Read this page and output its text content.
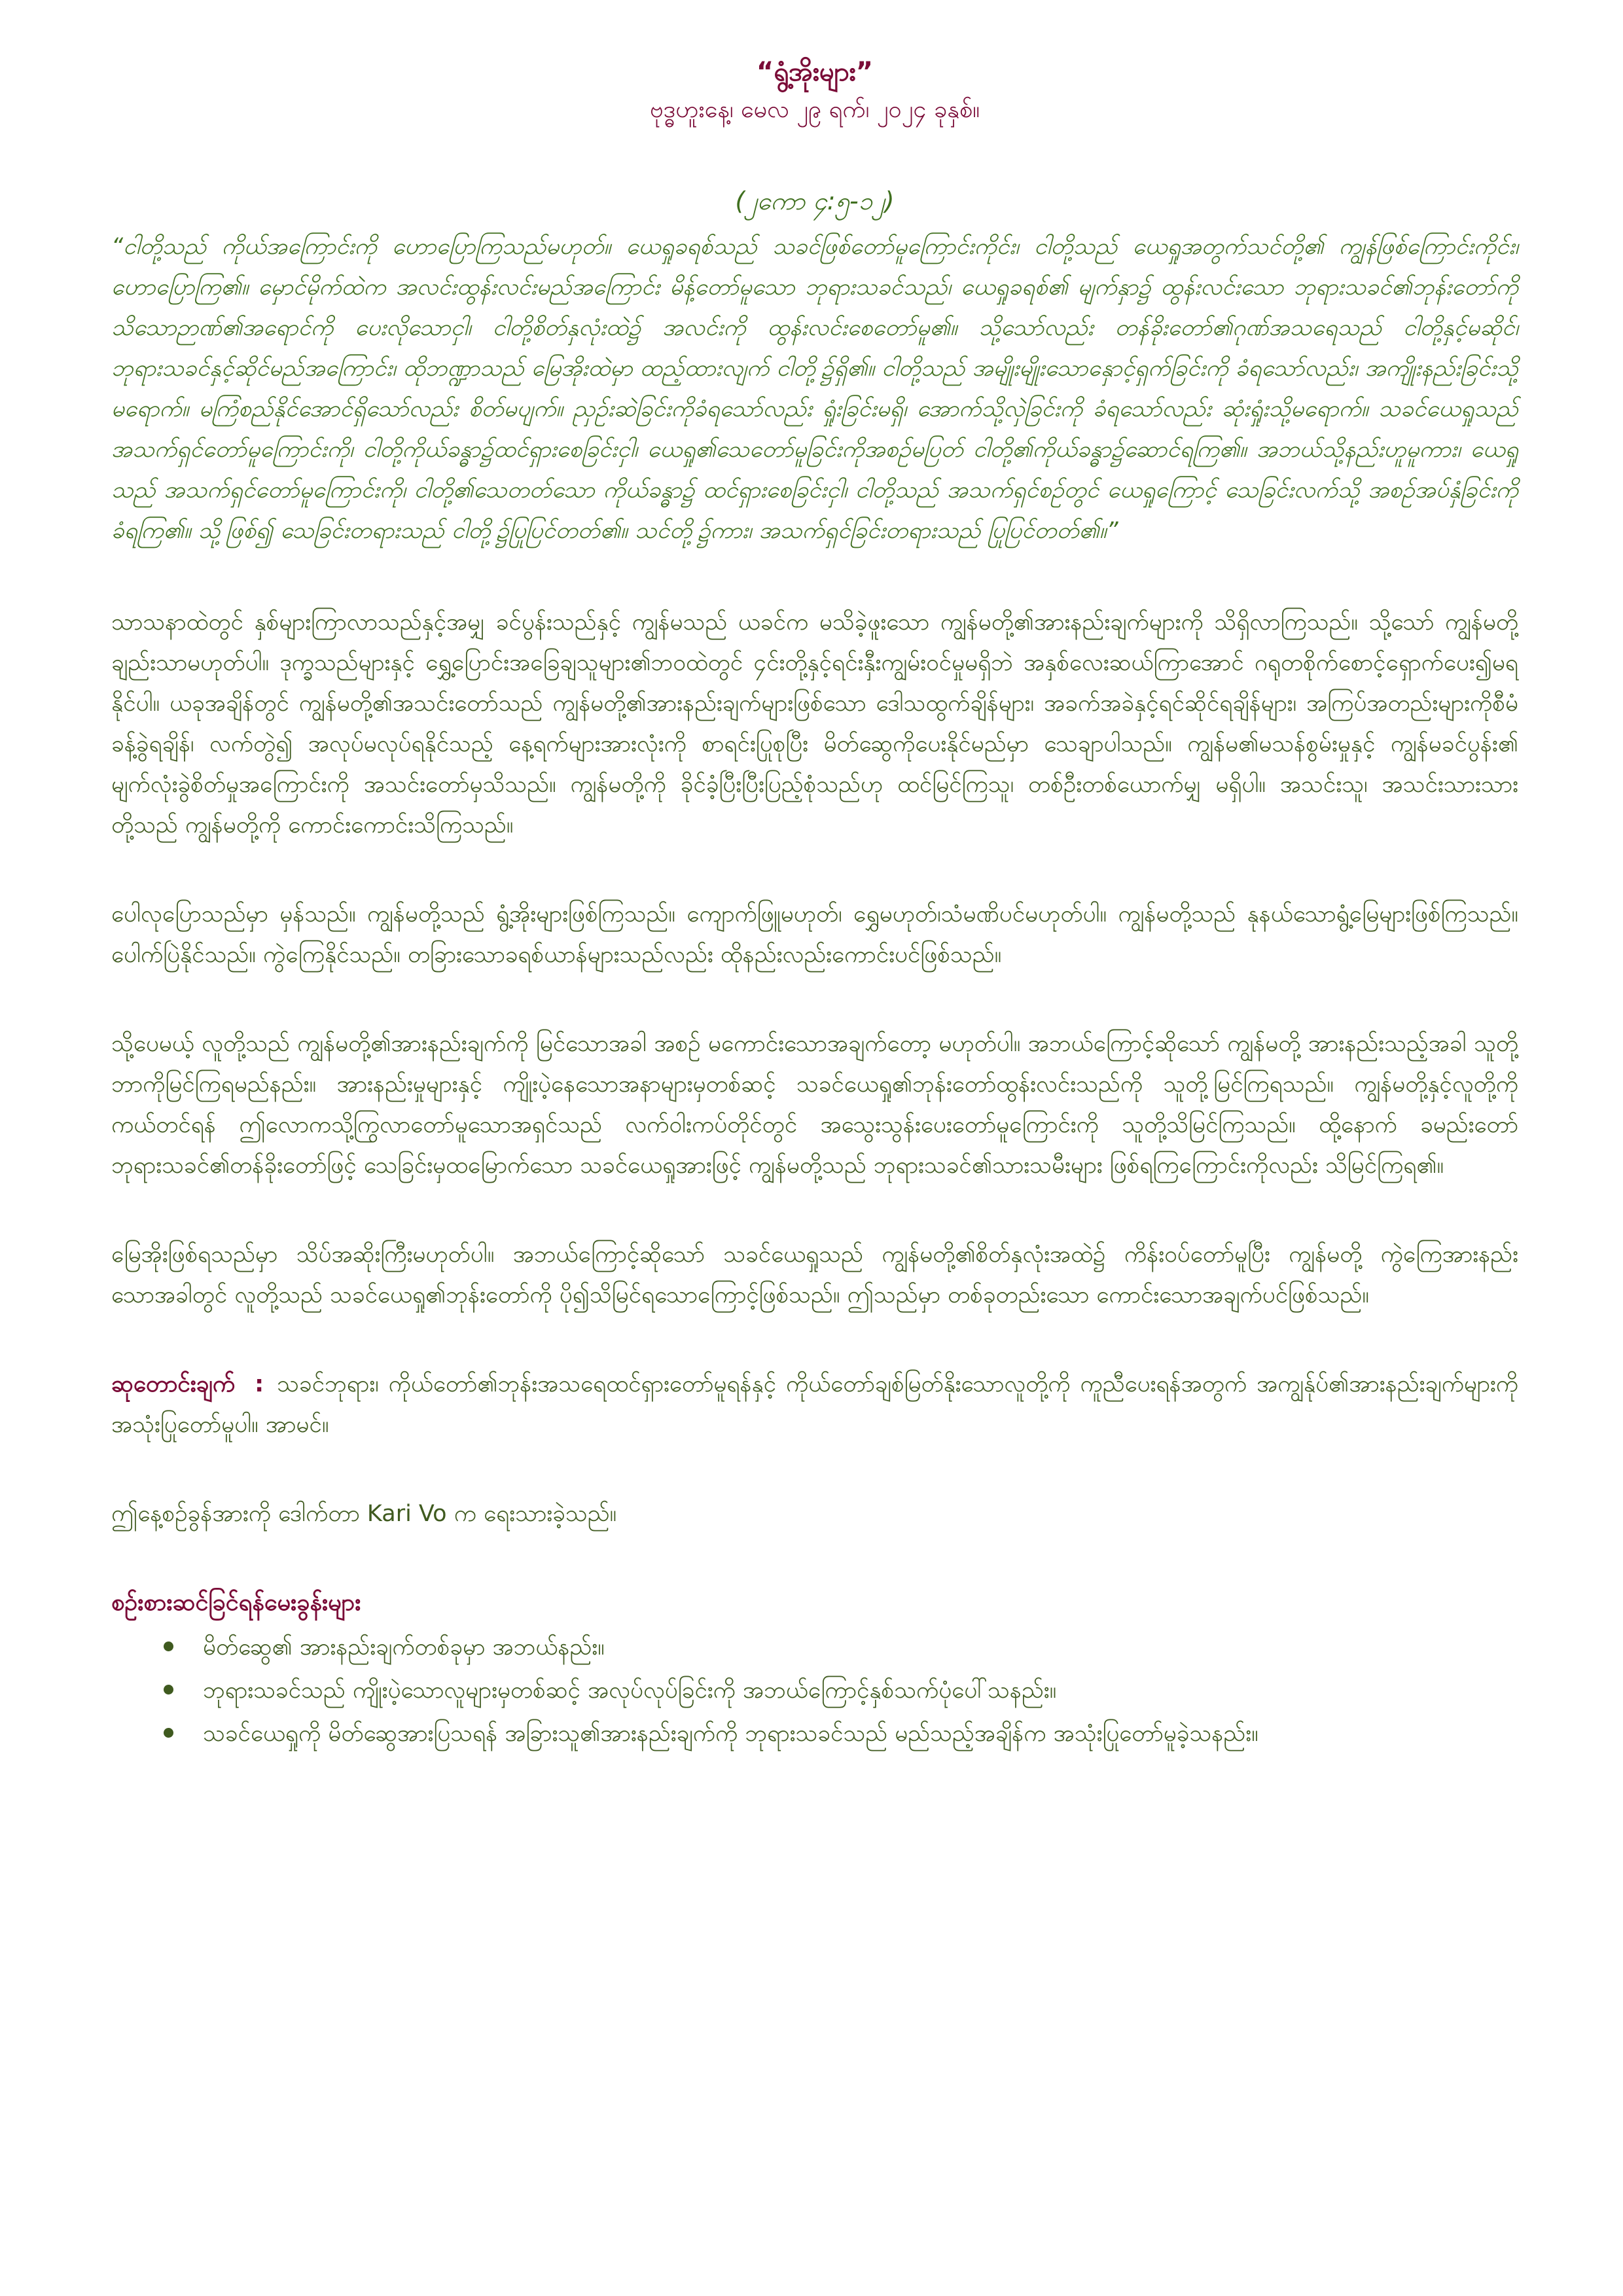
“ရွံ့အိုးများ”

ဗုဒ္ဓဟူးနေ့၊ မေလ ၂၉ ရက်၊ ၂၀၂၄ ခုနှစ်။

(၂ကော ၄:၅-၁၂)

“ငါတို့သည် ကိုယ်အကြောင်းကို ဟောပြောကြသည်မဟုတ်။ ယေရှုခရစ်သည် သခင်ဖြစ်တော်မူကြောင်းကိုင်း၊ ငါတို့သည် ယေရှုအတွက်သင်တို့၏ ကျွန်ဖြစ်ကြောင်းကိုင်း၊ ဟောပြောကြ၏။ မှောင်မိုက်ထဲက အလင်းထွန်းလင်းမည်အကြောင်း မိန့်တော်မူသော ဘုရားသခင်သည်၊ ယေရှုခရစ်၏ မျက်နှာ၌ ထွန်းလင်းသော ဘုရားသခင်၏ဘုန်းတော်ကို သိသောဉာဏ်၏အရောင်ကို ပေးလိုသောငှါ၊ ငါတို့စိတ်နှလုံးထဲ၌ အလင်းကို ထွန်းလင်းစေတော်မူ၏။ သို့သော်လည်း တန်ခိုးတော်၏ဂုဏ်အသရေသည် ငါတို့နှင့်မဆိုင်၊ ဘုရားသခင်နှင့်ဆိုင်မည်အကြောင်း၊ ထိုဘဏ္ဍာသည် မြေအိုးထဲမှာ ထည့်ထားလျက် ငါတို့၌ရှိ၏။ ငါတို့သည် အမျိုးမျိုးသောနှောင့်ရှက်ခြင်းကို ခံရသော်လည်း၊ အကျိုးနည်းခြင်းသို့ မရောက်။ မကြံစည်နိုင်အောင်ရှိသော်လည်း စိတ်မပျက်။ ညှဉ်းဆဲခြင်းကိုခံရသော်လည်း ရှုံးခြင်းမရှိ၊ အောက်သို့လှဲခြင်းကို ခံရသော်လည်း ဆုံးရှုံးသို့မရောက်။ သခင်ယေရှုသည် အသက်ရှင်တော်မူကြောင်းကို၊ ငါတို့ကိုယ်ခန္ဓာ၌ထင်ရှားစေခြင်းငှါ၊ ယေရှု၏သေတော်မူခြင်းကိုအစဉ်မပြတ် ငါတို့၏ကိုယ်ခန္ဓာ၌ဆောင်ရကြ၏။ အဘယ်သို့နည်းဟူမူကား၊ ယေရှုသည် အသက်ရှင်တော်မူကြောင်းကို၊ ငါတို့၏သေတတ်သော ကိုယ်ခန္ဓာ၌ ထင်ရှားစေခြင်းငှါ၊ ငါတို့သည် အသက်ရှင်စဉ်တွင် ယေရှုကြောင့် သေခြင်းလက်သို့ အစဉ်အပ်နှံခြင်းကို ခံရကြ၏။ သို့ဖြစ်၍ သေခြင်းတရားသည် ငါတို့၌ပြုပြင်တတ်၏။ သင်တို့၌ကား၊ အသက်ရှင်ခြင်းတရားသည် ပြုပြင်တတ်၏။”

သာသနာထဲတွင် နှစ်များကြာလာသည်နှင့်အမျှ ခင်ပွန်းသည်နှင့် ကျွန်မသည် ယခင်က မသိခဲ့ဖူးသော ကျွန်မတို့၏အားနည်းချက်များကို သိရှိလာကြသည်။ သို့သော် ကျွန်မတို့ချည်းသာမဟုတ်ပါ။ ဒုက္ခသည်များနှင့် ရွှေ့ပြောင်းအခြေချသူများ၏ဘဝထဲတွင် ၄င်းတို့နှင့်ရင်းနှီးကျွမ်းဝင်မှုမရှိဘဲ အနှစ်လေးဆယ်ကြာအောင် ဂရုတစိုက်စောင့်ရှောက်ပေး၍မရနိုင်ပါ။ ယခုအချိန်တွင် ကျွန်မတို့၏အသင်းတော်သည် ကျွန်မတို့၏အားနည်းချက်များဖြစ်သော ဒေါသထွက်ချိန်များ၊ အခက်အခဲနှင့်ရင်ဆိုင်ရချိန်များ၊ အကြပ်အတည်းများကိုစီမံခန့်ခွဲရချိန်၊ လက်တွဲ၍ အလုပ်မလုပ်ရနိုင်သည့် နေ့ရက်များအားလုံးကို စာရင်းပြုစုပြီး မိတ်ဆွေကိုပေးနိုင်မည်မှာ သေချာပါသည်။ ကျွန်မ၏မသန်စွမ်းမှုနှင့် ကျွန်မခင်ပွန်း၏ မျက်လုံးခွဲစိတ်မှုအကြောင်းကို အသင်းတော်မှသိသည်။ ကျွန်မတို့ကို ခိုင်ခံ့ပြီးပြီးပြည့်စုံသည်ဟု ထင်မြင်ကြသူ၊ တစ်ဦးတစ်ယောက်မျှ မရှိပါ။ အသင်းသူ၊ အသင်းသားသားတို့သည် ကျွန်မတို့ကို ကောင်းကောင်းသိကြသည်။

ပေါလုပြောသည်မှာ မှန်သည်။ ကျွန်မတို့သည် ရွံ့အိုးများဖြစ်ကြသည်။ ကျောက်ဖြူမဟုတ်၊ ရွှေမဟုတ်၊သံမဏိပင်မဟုတ်ပါ။ ကျွန်မတို့သည် နုနယ်သောရွံ့မြေများဖြစ်ကြသည်။ ပေါက်ပြဲနိုင်သည်။ ကွဲကြေနိုင်သည်။ တခြားသောခရစ်ယာန်များသည်လည်း ထိုနည်းလည်းကောင်းပင်ဖြစ်သည်။

သို့ပေမယ့် လူတို့သည် ကျွန်မတို့၏အားနည်းချက်ကို မြင်သောအခါ အစဉ် မကောင်းသောအချက်တော့ မဟုတ်ပါ။ အဘယ်ကြောင့်ဆိုသော် ကျွန်မတို့ အားနည်းသည့်အခါ သူတို့ဘာကိုမြင်ကြရမည်နည်း။ အားနည်းမှုများနှင့် ကျိုးပဲ့နေသောအနာများမှတစ်ဆင့် သခင်ယေရှု၏ဘုန်းတော်ထွန်းလင်းသည်ကို သူတို့မြင်ကြရသည်။ ကျွန်မတို့နှင့်လူတို့ကိုကယ်တင်ရန် ဤလောကသို့ကြွလာတော်မူသောအရှင်သည် လက်ဝါးကပ်တိုင်တွင် အသွေးသွန်းပေးတော်မူကြောင်းကို သူတို့သိမြင်ကြသည်။ ထို့နောက် ခမည်းတော်ဘုရားသခင်၏တန်ခိုးတော်ဖြင့် သေခြင်းမှထမြောက်သော သခင်ယေရှုအားဖြင့် ကျွန်မတို့သည် ဘုရားသခင်၏သားသမီးများ ဖြစ်ရကြကြောင်းကိုလည်း သိမြင်ကြရ၏။

မြေအိုးဖြစ်ရသည်မှာ သိပ်အဆိုးကြီးမဟုတ်ပါ။ အဘယ်ကြောင့်ဆိုသော် သခင်ယေရှုသည် ကျွန်မတို့၏စိတ်နှလုံးအထဲ၌ ကိန်းဝပ်တော်မူပြီး ကျွန်မတို့ ကွဲကြေအားနည်းသောအခါတွင် လူတို့သည် သခင်ယေရှု၏ဘုန်းတော်ကို ပို၍သိမြင်ရသောကြောင့်ဖြစ်သည်။ ဤသည်မှာ တစ်ခုတည်းသော ကောင်းသောအချက်ပင်ဖြစ်သည်။

ဆုတောင်းချက် : သခင်ဘုရား၊ ကိုယ်တော်၏ဘုန်းအသရေထင်ရှားတော်မူရန်နှင့် ကိုယ်တော်ချစ်မြတ်နိုးသောလူတို့ကို ကူညီပေးရန်အတွက် အကျွန်ုပ်၏အားနည်းချက်များကို အသုံးပြုတော်မူပါ။ အာမင်။

ဤနေ့စဉ်ခွန်အားကို ဒေါက်တာ Kari Vo က ရေးသားခဲ့သည်။

စဉ်းစားဆင်ခြင်ရန်မေးခွန်းများ

မိတ်ဆွေ၏ အားနည်းချက်တစ်ခုမှာ အဘယ်နည်း။
ဘုရားသခင်သည် ကျိုးပဲ့သောလူများမှတစ်ဆင့် အလုပ်လုပ်ခြင်းကို အဘယ်ကြောင့်နှစ်သက်ပုံပေါ်သနည်း။
သခင်ယေရှုကို မိတ်ဆွေအားပြသရန် အခြားသူ၏အားနည်းချက်ကို ဘုရားသခင်သည် မည်သည့်အချိန်က အသုံးပြုတော်မူခဲ့သနည်း။
